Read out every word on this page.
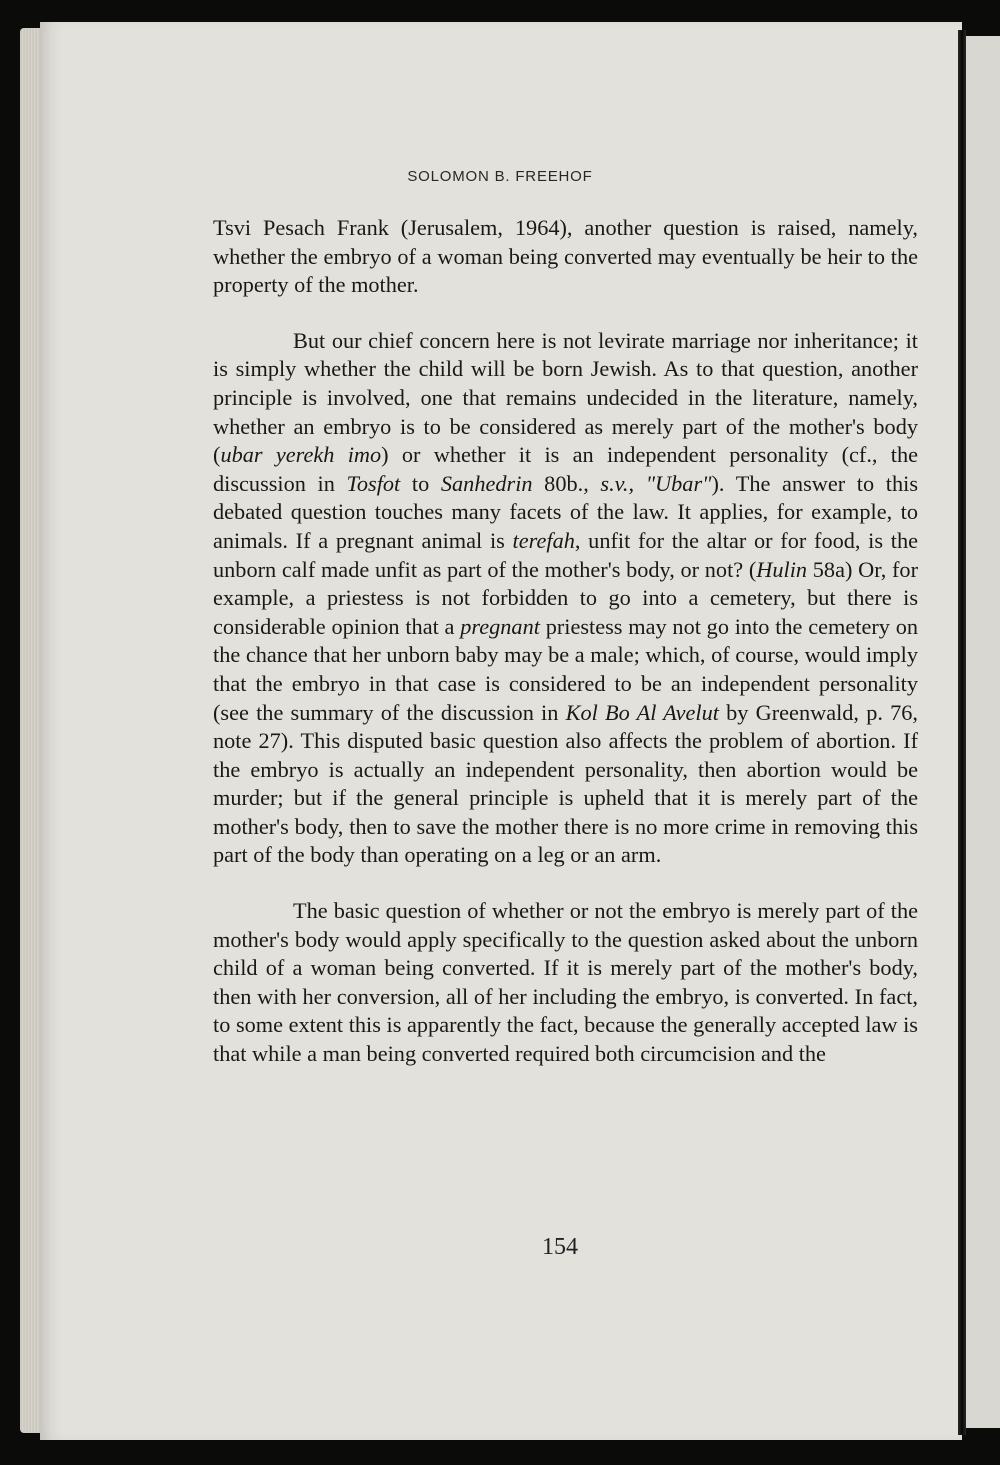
SOLOMON B. FREEHOF

Tsvi Pesach Frank (Jerusalem, 1964), another question is raised, namely, whether the embryo of a woman being converted may eventually be heir to the property of the mother.

But our chief concern here is not levirate marriage nor inheritance; it is simply whether the child will be born Jewish. As to that question, another principle is involved, one that remains undecided in the literature, namely, whether an embryo is to be considered as merely part of the mother's body (ubar yerekh imo) or whether it is an independent personality (cf., the discussion in Tosfot to Sanhedrin 80b., s.v., "Ubar"). The answer to this debated question touches many facets of the law. It applies, for example, to animals. If a pregnant animal is terefah, unfit for the altar or for food, is the unborn calf made unfit as part of the mother's body, or not? (Hulin 58a) Or, for example, a priestess is not forbidden to go into a cemetery, but there is considerable opinion that a pregnant priestess may not go into the cemetery on the chance that her unborn baby may be a male; which, of course, would imply that the embryo in that case is considered to be an independent personality (see the summary of the discussion in Kol Bo Al Avelut by Greenwald, p. 76, note 27). This disputed basic question also affects the problem of abortion. If the embryo is actually an independent personality, then abortion would be murder; but if the general principle is upheld that it is merely part of the mother's body, then to save the mother there is no more crime in removing this part of the body than operating on a leg or an arm.

The basic question of whether or not the embryo is merely part of the mother's body would apply specifically to the question asked about the unborn child of a woman being converted. If it is merely part of the mother's body, then with her conversion, all of her including the embryo, is converted. In fact, to some extent this is apparently the fact, because the generally accepted law is that while a man being converted required both circumcision and the

154
